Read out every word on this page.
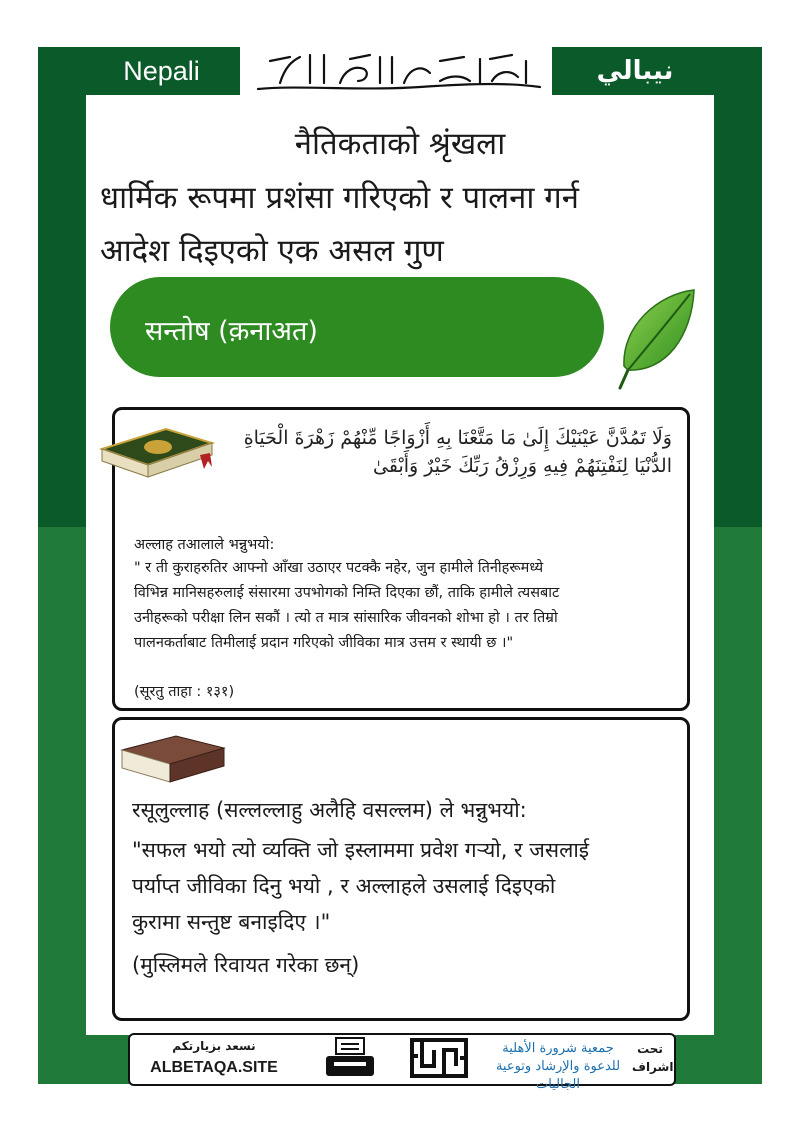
Nepali	نيبالي
नैतिकताको श्रृंखला
धार्मिक रूपमा प्रशंसा गरिएको र पालना गर्न
आदेश दिइएको एक असल गुण
सन्तोष (क़नाअत)
وَلَا تَمُدَّنَّ عَيْنَيْكَ إِلَىٰ مَا مَتَّعْنَا بِهِ أَزْوَاجًا مِّنْهُمْ زَهْرَةَ الْحَيَاةِ الدُّنْيَا لِنَفْتِنَهُمْ فِيهِ وَرِزْقُ رَبِّكَ خَيْرٌ وَأَبْقَىٰ
अल्लाह तआलाले भन्नुभयो:
" र ती कुराहरुतिर आफ्नो आँखा उठाएर पटक्कै नहेर, जुन हामीले तिनीहरूमध्ये
विभिन्न मानिसहरुलाई संसारमा उपभोगको निम्ति दिएका छौं, ताकि हामीले त्यसबाट
उनीहरूको परीक्षा लिन सकौं । त्यो त मात्र सांसारिक जीवनको शोभा हो । तर तिम्रो
पालनकर्ताबाट तिमीलाई प्रदान गरिएको जीविका मात्र उत्तम र स्थायी छ ।"
(सूरतु ताहा : १३१)
रसूलुल्लाह (सल्लल्लाहु अलैहि वसल्लम) ले भन्नुभयो:
"सफल भयो त्यो व्यक्ति जो इस्लाममा प्रवेश गर्‍यो, र जसलाई
पर्याप्त जीविका दिनु भयो , र अल्लाहले उसलाई दिइएको
कुरामा सन्तुष्ट बनाइदिए ।"
(मुस्लिमले रिवायत गरेका छन्)
نسعد بزيارتكم
ALBETAQA.SITE
جمعية شرورة الأهلية للدعوة والإرشاد وتوعية الجاليات
تحت اشراف
